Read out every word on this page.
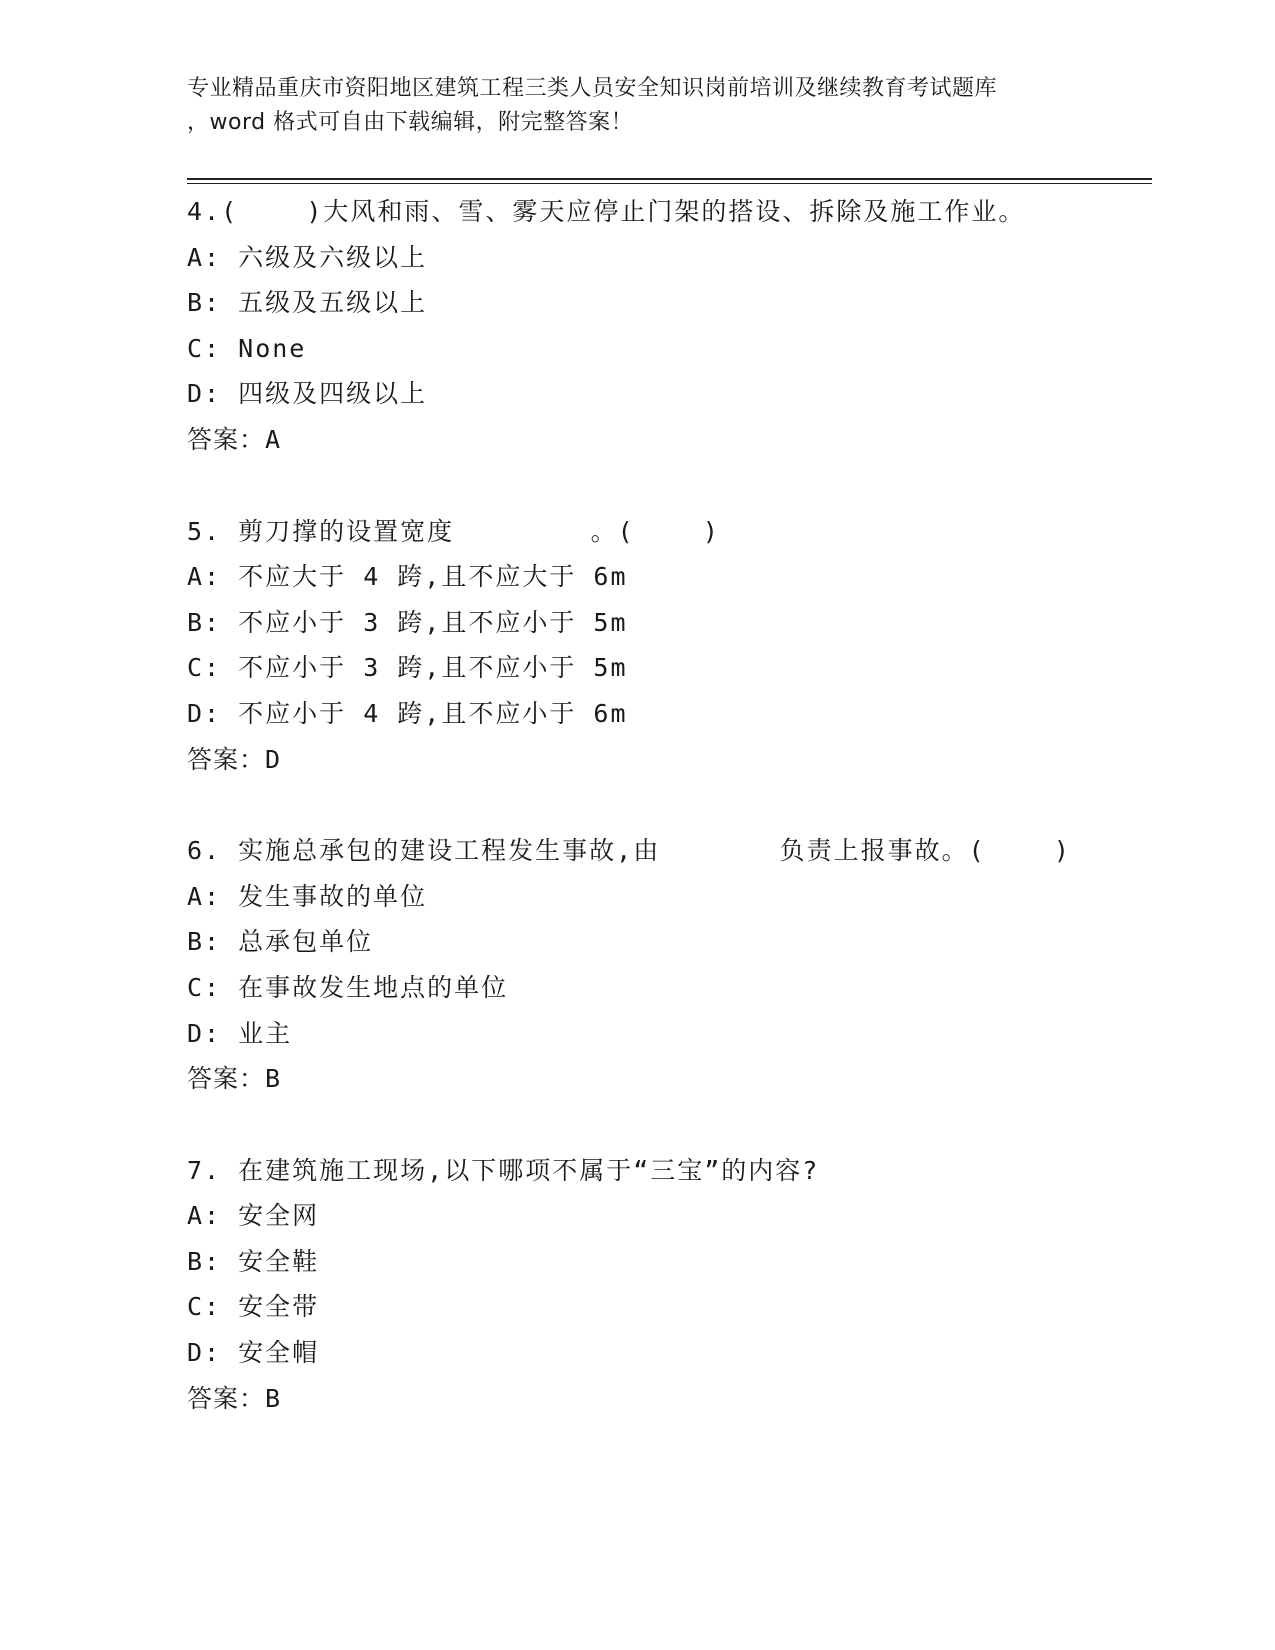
专业精品重庆市资阳地区建筑工程三类人员安全知识岗前培训及继续教育考试题库
，word 格式可自由下载编辑，附完整答案！
4.(    )大风和雨、雪、雾天应停止门架的搭设、拆除及施工作业。
A: 六级及六级以上
B: 五级及五级以上
C: None
D: 四级及四级以上
答案：A
5. 剪刀撑的设置宽度        。(    )
A: 不应大于 4 跨,且不应大于 6m
B: 不应小于 3 跨,且不应小于 5m
C: 不应小于 3 跨,且不应小于 5m
D: 不应小于 4 跨,且不应小于 6m
答案：D
6. 实施总承包的建设工程发生事故,由       负责上报事故。(    )
A: 发生事故的单位
B: 总承包单位
C: 在事故发生地点的单位
D: 业主
答案：B
7. 在建筑施工现场,以下哪项不属于“三宝”的内容?
A: 安全网
B: 安全鞋
C: 安全带
D: 安全帽
答案：B
